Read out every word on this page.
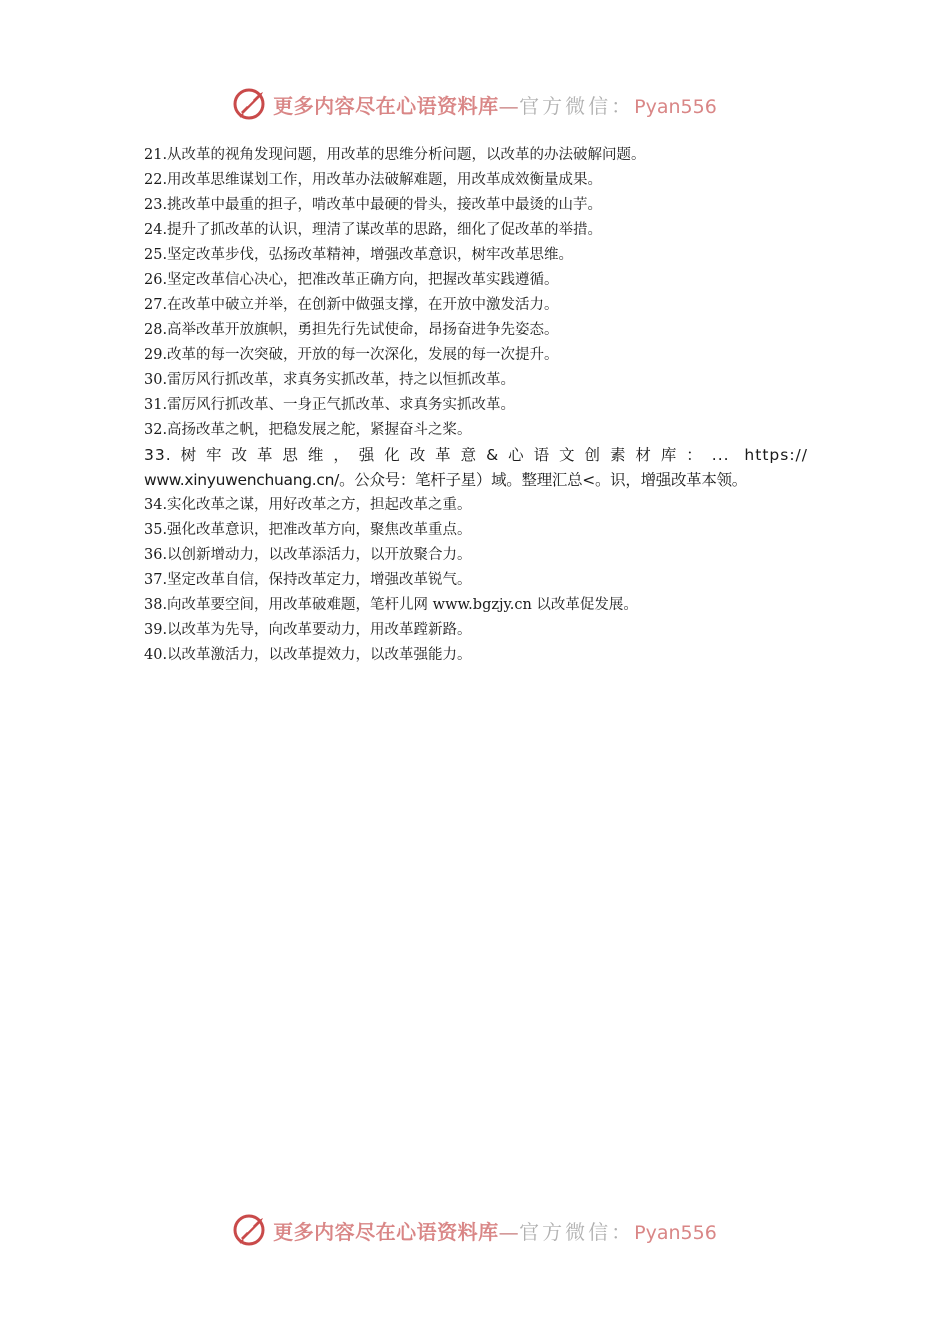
更多内容尽在心语资料库—官方微信：Pyan556
21.从改革的视角发现问题，用改革的思维分析问题，以改革的办法破解问题。
22.用改革思维谋划工作，用改革办法破解难题，用改革成效衡量成果。
23.挑改革中最重的担子，啃改革中最硬的骨头，接改革中最烫的山芋。
24.提升了抓改革的认识，理清了谋改革的思路，细化了促改革的举措。
25.坚定改革步伐，弘扬改革精神，增强改革意识，树牢改革思维。
26.坚定改革信心决心，把准改革正确方向，把握改革实践遵循。
27.在改革中破立并举，在创新中做强支撑，在开放中激发活力。
28.高举改革开放旗帜，勇担先行先试使命，昂扬奋进争先姿态。
29.改革的每一次突破，开放的每一次深化，发展的每一次提升。
30.雷厉风行抓改革，求真务实抓改革，持之以恒抓改革。
31.雷厉风行抓改革、一身正气抓改革、求真务实抓改革。
32.高扬改革之帆，把稳发展之舵，紧握奋斗之桨。
33.树牢改革思维，强化改革意&心语文创素材库：... https://
www.xinyuwenchuang.cn/。公众号：笔杆子星）域。整理汇总<。识，增强改革本领。
34.实化改革之谋，用好改革之方，担起改革之重。
35.强化改革意识，把准改革方向，聚焦改革重点。
36.以创新增动力，以改革添活力，以开放聚合力。
37.坚定改革自信，保持改革定力，增强改革锐气。
38.向改革要空间，用改革破难题，笔杆儿网 www.bgzjy.cn 以改革促发展。
39.以改革为先导，向改革要动力，用改革蹚新路。
40.以改革激活力，以改革提效力，以改革强能力。
更多内容尽在心语资料库—官方微信：Pyan556
